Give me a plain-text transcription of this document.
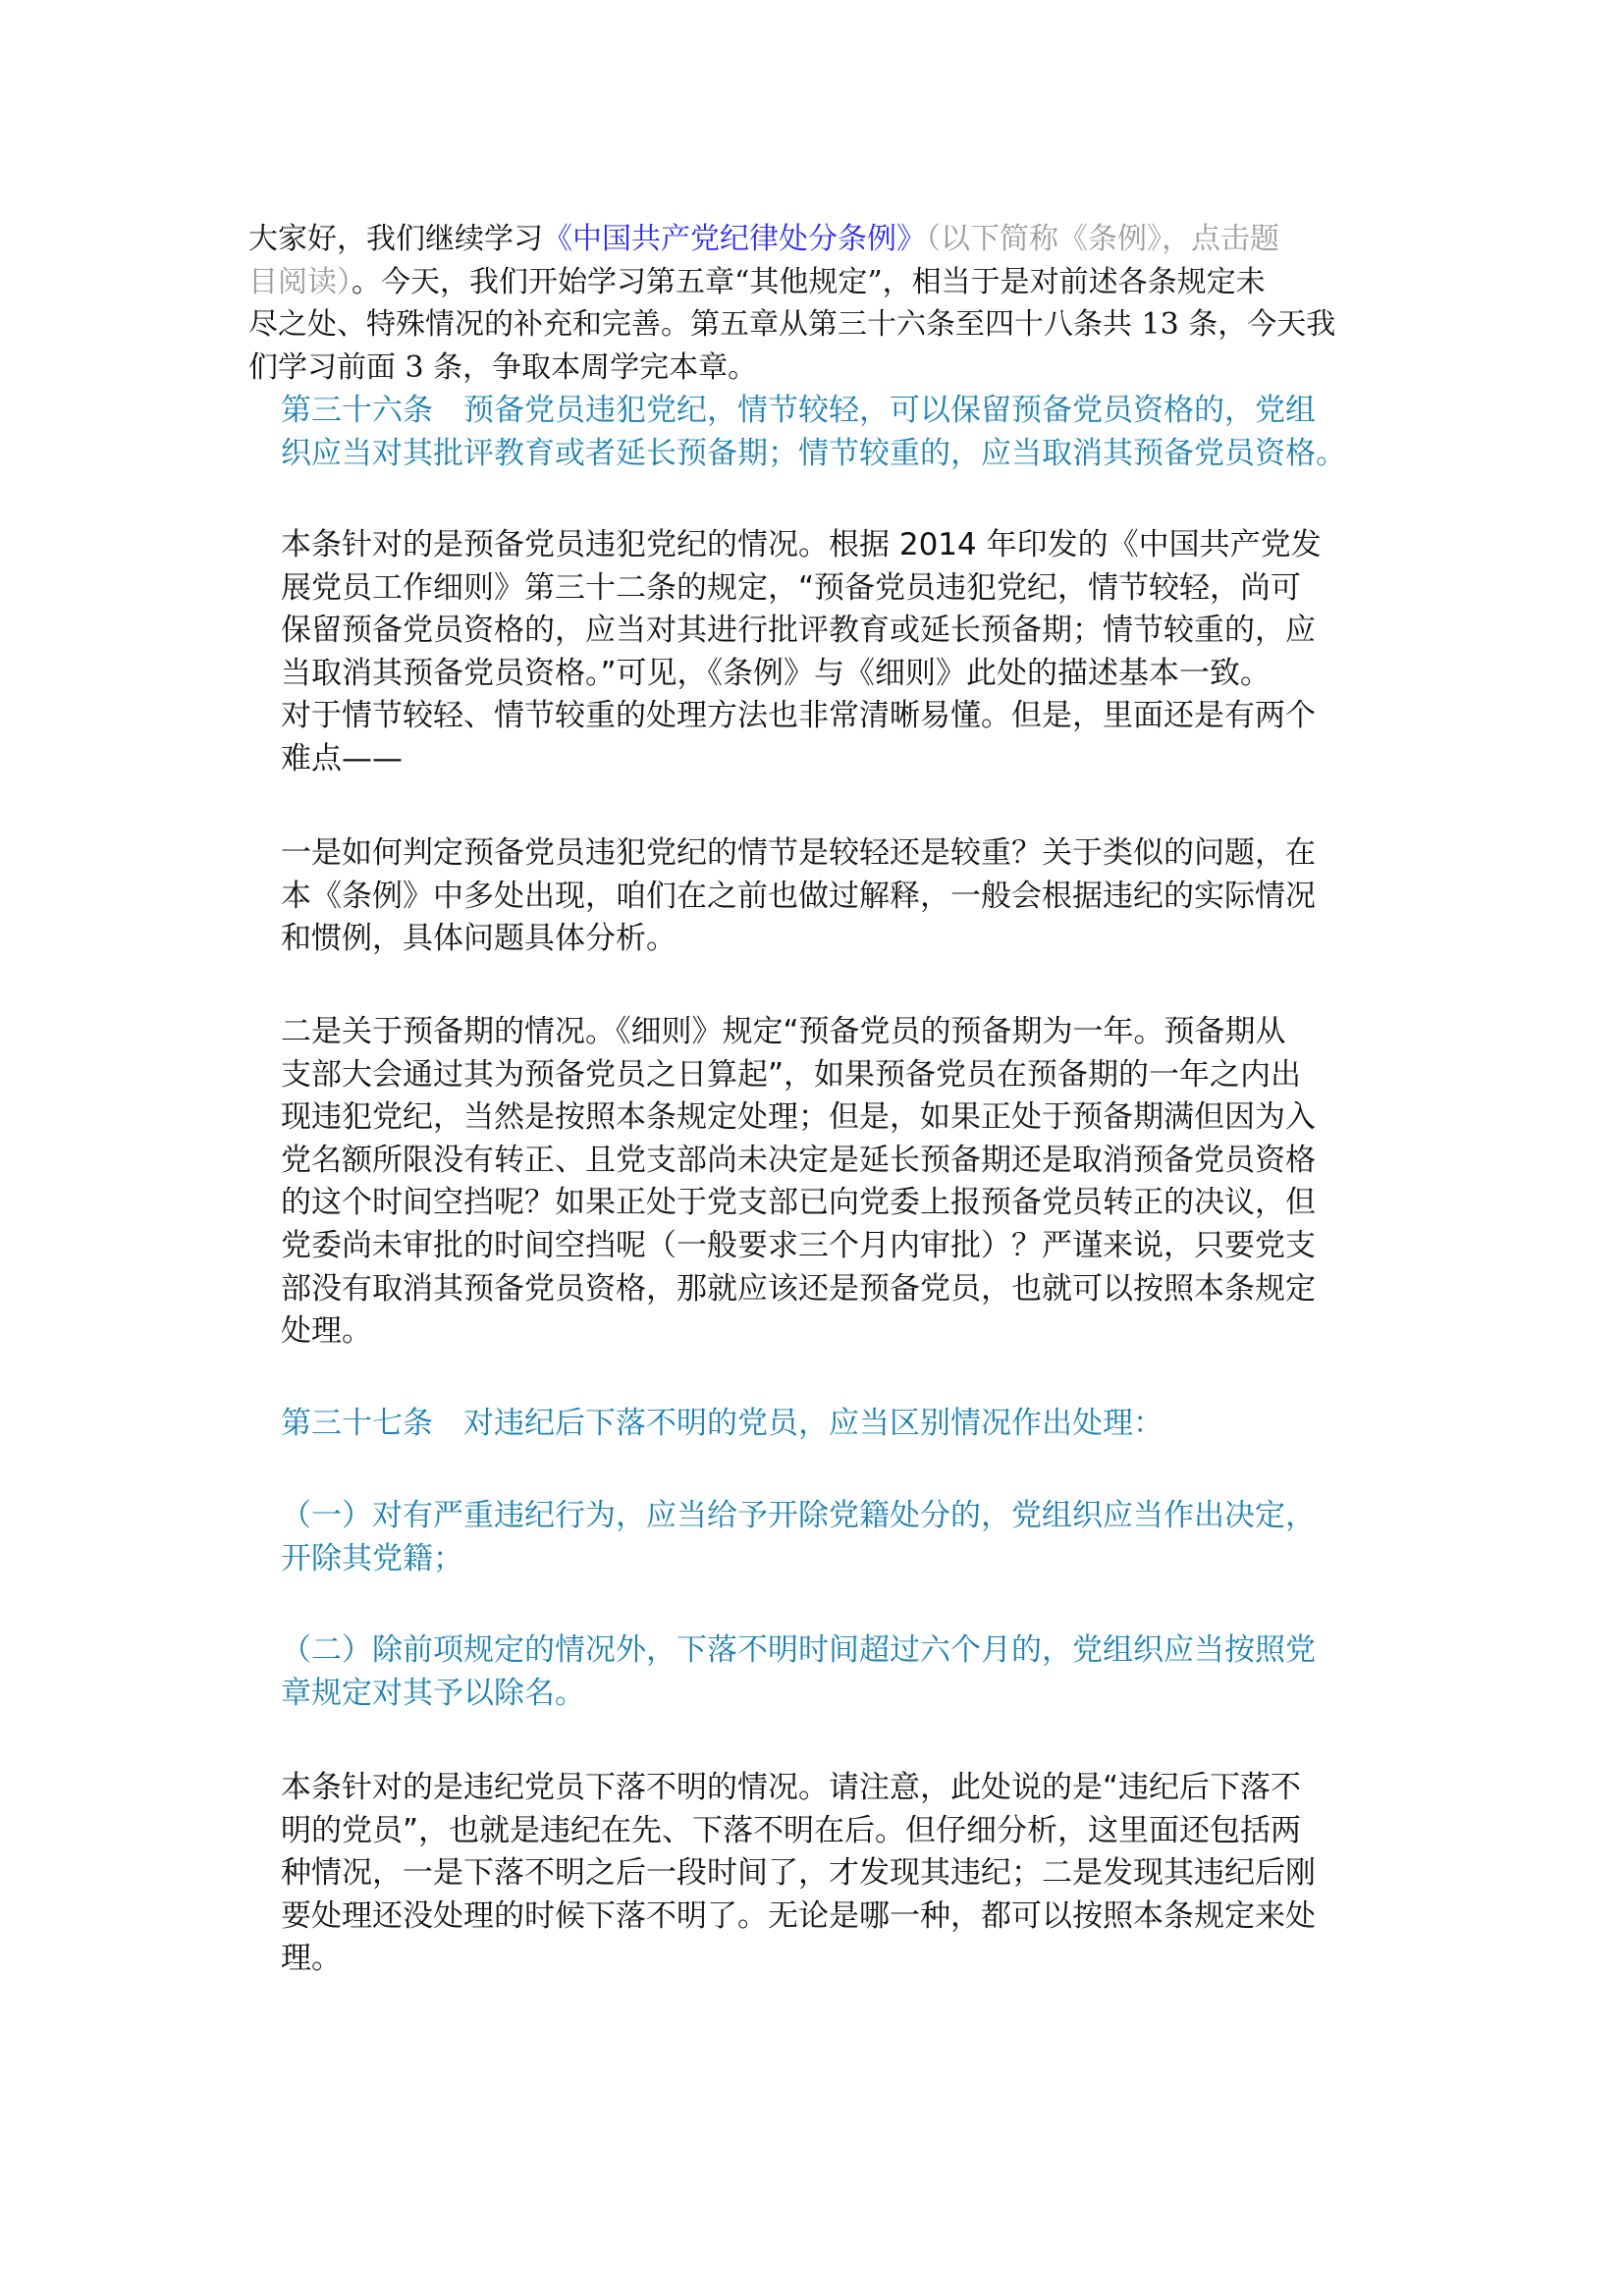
大家好，我们继续学习《中国共产党纪律处分条例》（以下简称《条例》，点击题
目阅读）。今天，我们开始学习第五章“其他规定”，相当于是对前述各条规定未
尽之处、特殊情况的补充和完善。第五章从第三十六条至四十八条共 13 条，今天我
们学习前面 3 条，争取本周学完本章。
第三十六条　预备党员违犯党纪，情节较轻，可以保留预备党员资格的，党组
织应当对其批评教育或者延长预备期；情节较重的，应当取消其预备党员资格。
本条针对的是预备党员违犯党纪的情况。根据 2014 年印发的《中国共产党发
展党员工作细则》第三十二条的规定，“预备党员违犯党纪，情节较轻，尚可
保留预备党员资格的，应当对其进行批评教育或延长预备期；情节较重的，应
当取消其预备党员资格。”可见，《条例》与《细则》此处的描述基本一致。
对于情节较轻、情节较重的处理方法也非常清晰易懂。但是，里面还是有两个
难点——
一是如何判定预备党员违犯党纪的情节是较轻还是较重？关于类似的问题，在
本《条例》中多处出现，咱们在之前也做过解释，一般会根据违纪的实际情况
和惯例，具体问题具体分析。
二是关于预备期的情况。《细则》规定“预备党员的预备期为一年。预备期从
支部大会通过其为预备党员之日算起”，如果预备党员在预备期的一年之内出
现违犯党纪，当然是按照本条规定处理；但是，如果正处于预备期满但因为入
党名额所限没有转正、且党支部尚未决定是延长预备期还是取消预备党员资格
的这个时间空挡呢？如果正处于党支部已向党委上报预备党员转正的决议，但
党委尚未审批的时间空挡呢（一般要求三个月内审批）？严谨来说，只要党支
部没有取消其预备党员资格，那就应该还是预备党员，也就可以按照本条规定
处理。
第三十七条　对违纪后下落不明的党员，应当区别情况作出处理：
（一）对有严重违纪行为，应当给予开除党籍处分的，党组织应当作出决定，
开除其党籍；
（二）除前项规定的情况外，下落不明时间超过六个月的，党组织应当按照党
章规定对其予以除名。
本条针对的是违纪党员下落不明的情况。请注意，此处说的是“违纪后下落不
明的党员”，也就是违纪在先、下落不明在后。但仔细分析，这里面还包括两
种情况，一是下落不明之后一段时间了，才发现其违纪；二是发现其违纪后刚
要处理还没处理的时候下落不明了。无论是哪一种，都可以按照本条规定来处
理。
